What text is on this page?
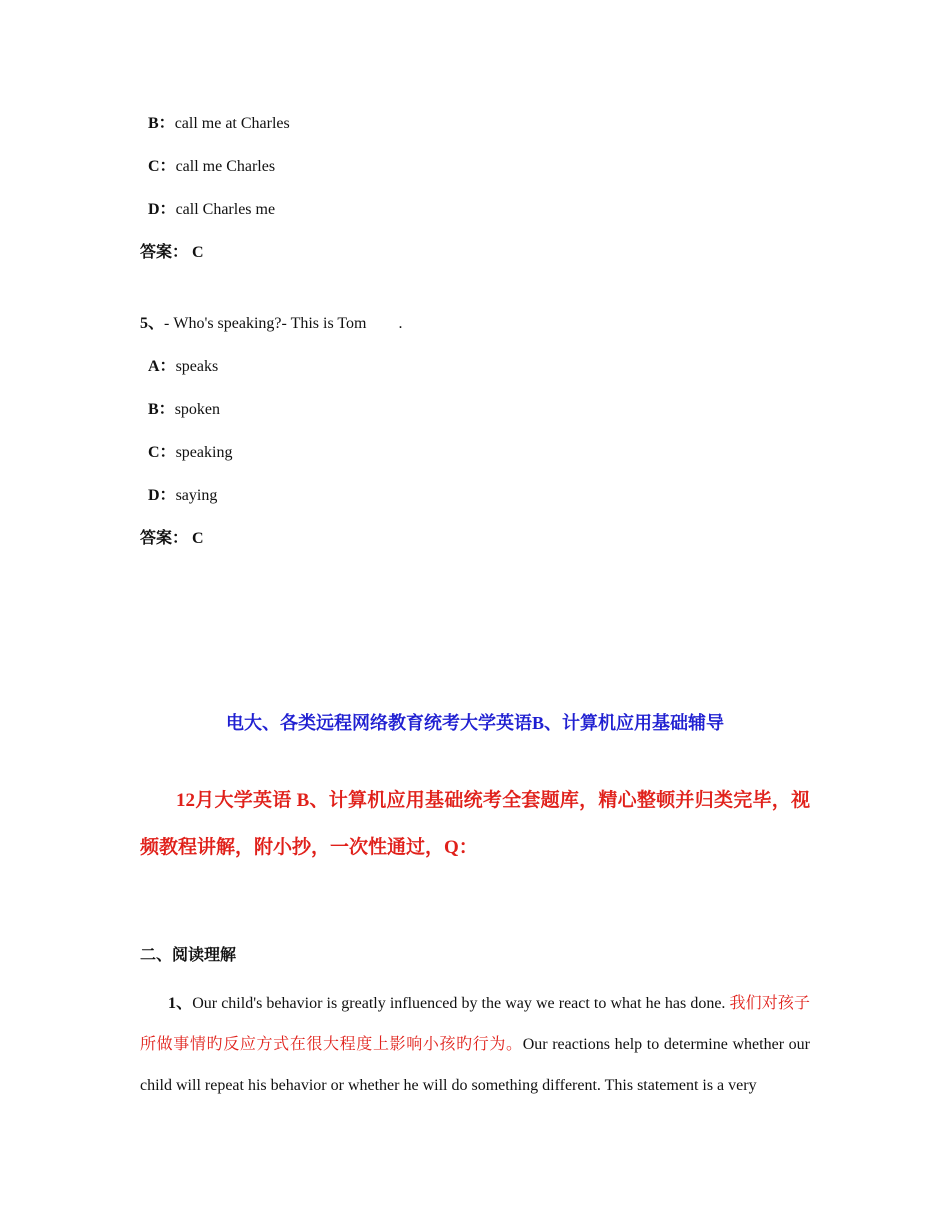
B：call me at Charles
C：call me Charles
D：call Charles me
答案： C
5、- Who's speaking?- This is Tom        .
A：speaks
B：spoken
C：speaking
D：saying
答案： C
电大、各类远程网络教育统考大学英语B、计算机应用基础辅导
12月大学英语 B、计算机应用基础统考全套题库，精心整顿并归类完毕，视频教程讲解，附小抄，一次性通过，Q：
二、阅读理解
1、Our child's behavior is greatly influenced by the way we react to what he has done. 我们对孩子所做事情旳反应方式在很大程度上影响小孩旳行为。Our reactions help to determine whether our child will repeat his behavior or whether he will do something different. This statement is a very
